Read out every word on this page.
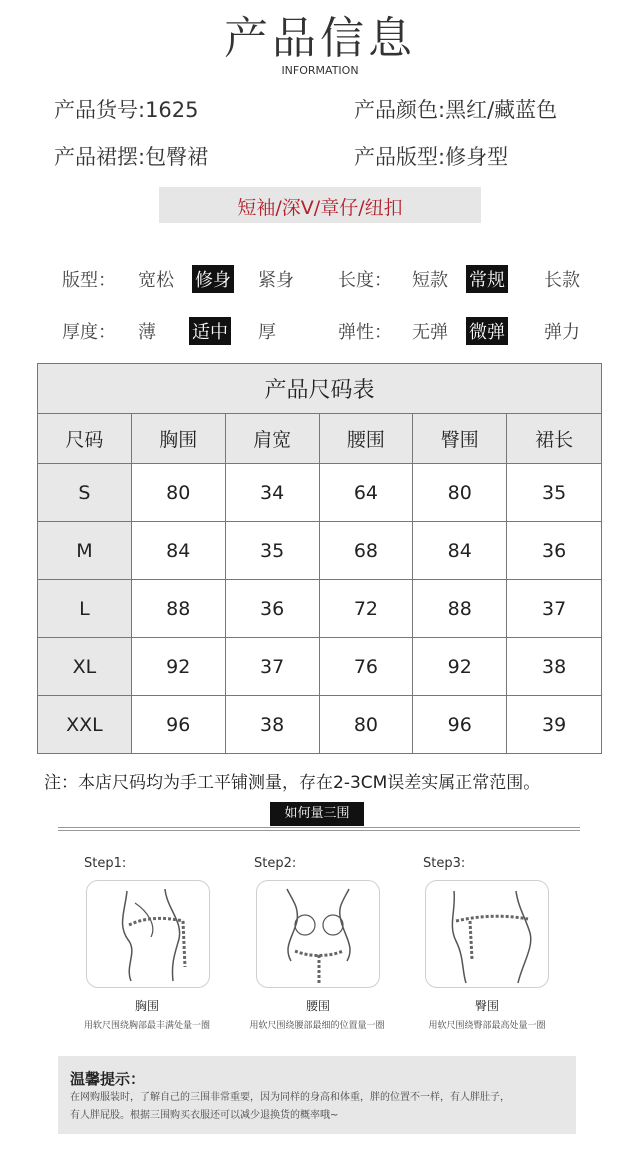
产品信息
INFORMATION
产品货号:1625	产品颜色:黑红/藏蓝色
产品裙摆:包臀裙	产品版型:修身型
短袖/深V/章仔/纽扣
版型： 宽松 修身 紧身 长度： 短款 常规 长款
厚度： 薄 适中 厚	弹性： 无弹 微弹 弹力
产品尺码表					
尺码	胸围	肩宽	腰围	臀围	裙长
S	80	34	64	80	35
M	84	35	68	84	36
L	88	36	72	88	37
XL	92	37	76	92	38
XXL	96	38	80	96	39
注：本店尺码均为手工平铺测量，存在2-3CM误差实属正常范围。
如何量三围
Step1:	Step2:	Step3:
胸围	腰围	臀围
用软尺围绕胸部最丰满处量一圈	用软尺围绕腰部最细的位置量一圈	用软尺围绕臀部最高处量一圈
温馨提示：
在网购服装时，了解自己的三围非常重要，因为同样的身高和体重，胖的位置不一样，有人胖肚子，
有人胖屁股。根据三围购买衣服还可以减少退换货的概率哦~
